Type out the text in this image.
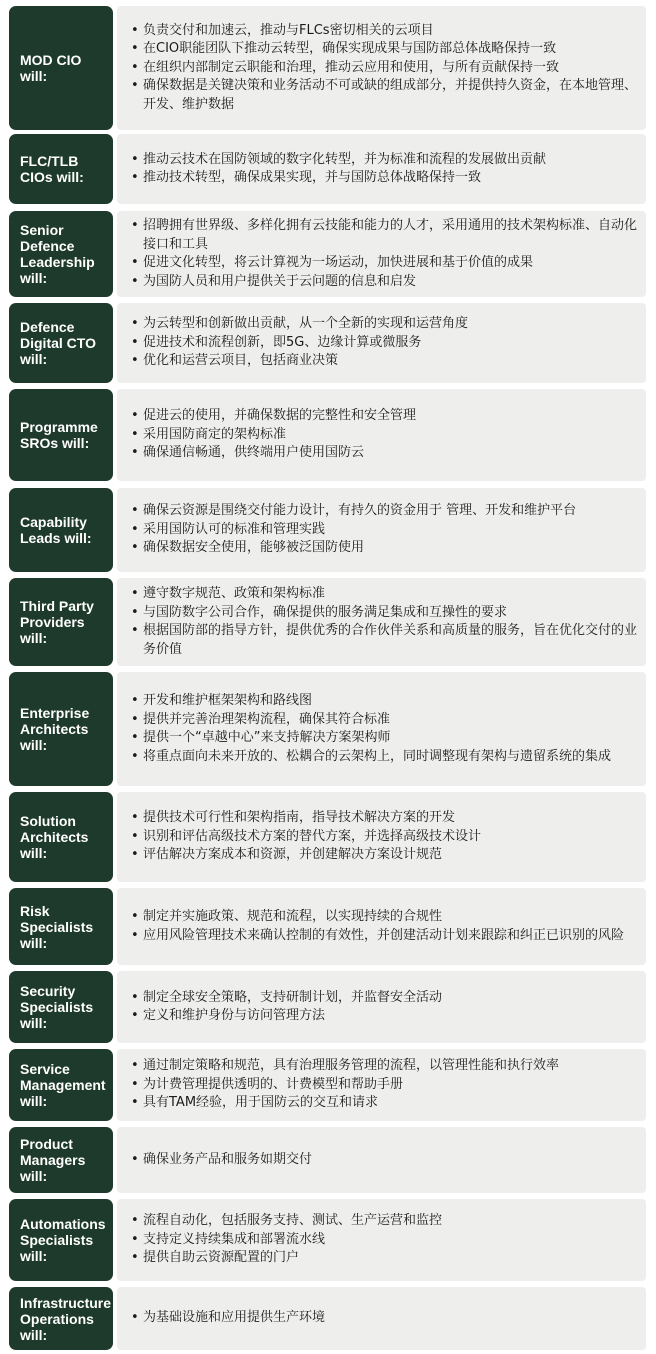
MOD CIO
will:
• 负责交付和加速云，推动与FLCs密切相关的云项目
• 在CIO职能团队下推动云转型，确保实现成果与国防部总体战略保持一致
• 在组织内部制定云职能和治理，推动云应用和使用，与所有贡献保持一致
• 确保数据是关键决策和业务活动不可或缺的组成部分，并提供持久资金，在本地管理、开发、维护数据
FLC/TLB
CIOs will:
• 推动云技术在国防领域的数字化转型，并为标准和流程的发展做出贡献
• 推动技术转型，确保成果实现，并与国防总体战略保持一致
Senior
Defence
Leadership
will:
• 招聘拥有世界级、多样化拥有云技能和能力的人才，采用通用的技术架构标准、自动化接口和工具
• 促进文化转型，将云计算视为一场运动，加快进展和基于价值的成果
• 为国防人员和用户提供关于云问题的信息和启发
Defence
Digital CTO
will:
• 为云转型和创新做出贡献，从一个全新的实现和运营角度
• 促进技术和流程创新，即5G、边缘计算或微服务
• 优化和运营云项目，包括商业决策
Programme
SROs will:
• 促进云的使用，并确保数据的完整性和安全管理
• 采用国防商定的架构标准
• 确保通信畅通，供终端用户使用国防云
Capability
Leads will:
• 确保云资源是围绕交付能力设计，有持久的资金用于 管理、开发和维护平台
• 采用国防认可的标准和管理实践
• 确保数据安全使用，能够被泛国防使用
Third Party
Providers
will:
• 遵守数字规范、政策和架构标准
• 与国防数字公司合作，确保提供的服务满足集成和互操性的要求
• 根据国防部的指导方针，提供优秀的合作伙伴关系和高质量的服务，旨在优化交付的业务价值
Enterprise
Architects
will:
• 开发和维护框架架构和路线图
• 提供并完善治理架构流程，确保其符合标准
• 提供一个“卓越中心”来支持解决方案架构师
• 将重点面向未来开放的、松耦合的云架构上，同时调整现有架构与遗留系统的集成
Solution
Architects
will:
• 提供技术可行性和架构指南，指导技术解决方案的开发
• 识别和评估高级技术方案的替代方案，并选择高级技术设计
• 评估解决方案成本和资源，并创建解决方案设计规范
Risk
Specialists
will:
• 制定并实施政策、规范和流程，以实现持续的合规性
• 应用风险管理技术来确认控制的有效性，并创建活动计划来跟踪和纠正已识别的风险
Security
Specialists
will:
• 制定全球安全策略，支持研制计划，并监督安全活动
• 定义和维护身份与访问管理方法
Service
Management
will:
• 通过制定策略和规范，具有治理服务管理的流程，以管理性能和执行效率
• 为计费管理提供透明的、计费模型和帮助手册
• 具有TAM经验，用于国防云的交互和请求
Product
Managers
will:
• 确保业务产品和服务如期交付
Automations
Specialists
will:
• 流程自动化，包括服务支持、测试、生产运营和监控
• 支持定义持续集成和部署流水线
• 提供自助云资源配置的门户
Infrastructure
Operations
will:
• 为基础设施和应用提供生产环境
